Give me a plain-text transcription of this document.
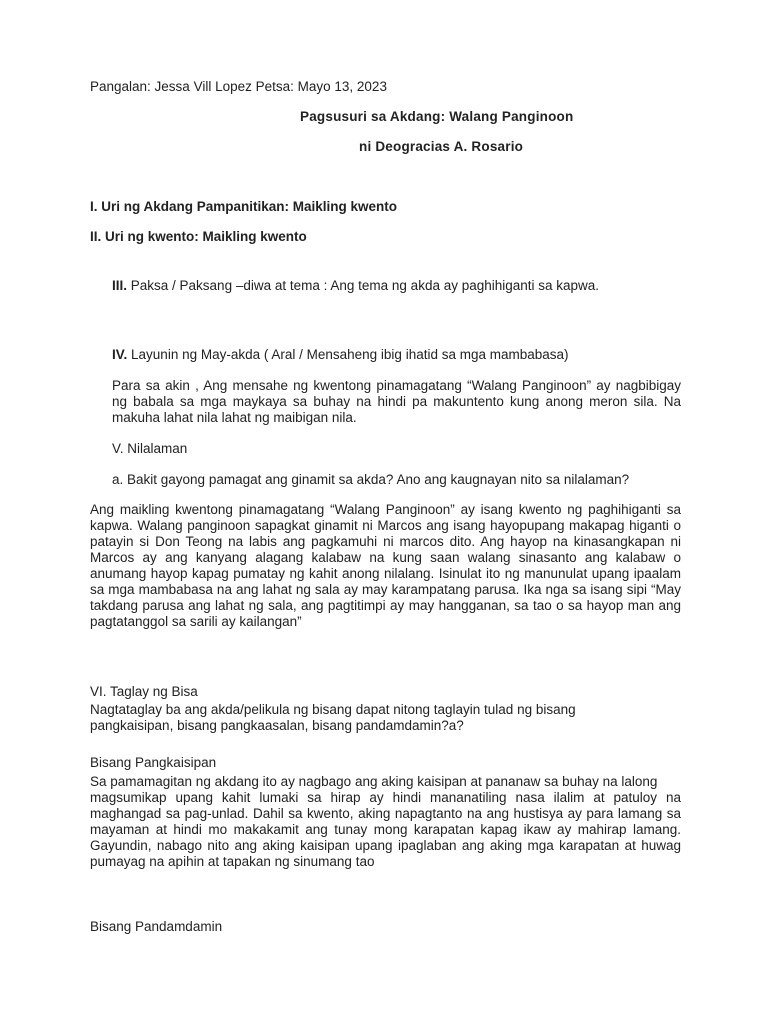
Pangalan: Jessa Vill Lopez Petsa: Mayo 13, 2023

Pagsusuri sa Akdang: Walang Panginoon

ni Deogracias A. Rosario

I. Uri ng Akdang Pampanitikan: Maikling kwento

II. Uri ng kwento: Maikling kwento

III. Paksa / Paksang –diwa at tema : Ang tema ng akda ay paghihiganti sa kapwa.

IV. Layunin ng May-akda ( Aral / Mensaheng ibig ihatid sa mga mambabasa)

Para sa akin , Ang mensahe ng kwentong pinamagatang “Walang Panginoon” ay nagbibigay ng babala sa mga maykaya sa buhay na hindi pa makuntento kung anong meron sila. Na makuha lahat nila lahat ng maibigan nila.

V. Nilalaman

a. Bakit gayong pamagat ang ginamit sa akda? Ano ang kaugnayan nito sa nilalaman?

Ang maikling kwentong pinamagatang “Walang Panginoon” ay isang kwento ng paghihiganti sa kapwa. Walang panginoon sapagkat ginamit ni Marcos ang isang hayopupang makapag higanti o patayin si Don Teong na labis ang pagkamuhi ni marcos dito. Ang hayop na kinasangkapan ni Marcos ay ang kanyang alagang kalabaw na kung saan walang sinasanto ang kalabaw o anumang hayop kapag pumatay ng kahit anong nilalang. Isinulat ito ng manunulat upang ipaalam sa mga mambabasa na ang lahat ng sala ay may karampatang parusa. Ika nga sa isang sipi “May takdang parusa ang lahat ng sala, ang pagtitimpi ay may hangganan, sa tao o sa hayop man ang pagtatanggol sa sarili ay kailangan”

VI. Taglay ng Bisa

Nagtataglay ba ang akda/pelikula ng bisang dapat nitong taglayin tulad ng bisang pangkaisipan, bisang pangkaasalan, bisang pandamdamin?a?

Bisang Pangkaisipan

Sa pamamagitan ng akdang ito ay nagbago ang aking kaisipan at pananaw sa buhay na lalong

magsumikap upang kahit lumaki sa hirap ay hindi mananatiling nasa ilalim at patuloy na maghangad sa pag-unlad. Dahil sa kwento, aking napagtanto na ang hustisya ay para lamang sa mayaman at hindi mo makakamit ang tunay mong karapatan kapag ikaw ay mahirap lamang. Gayundin, nabago nito ang aking kaisipan upang ipaglaban ang aking mga karapatan at huwag pumayag na apihin at tapakan ng sinumang tao

Bisang Pandamdamin
